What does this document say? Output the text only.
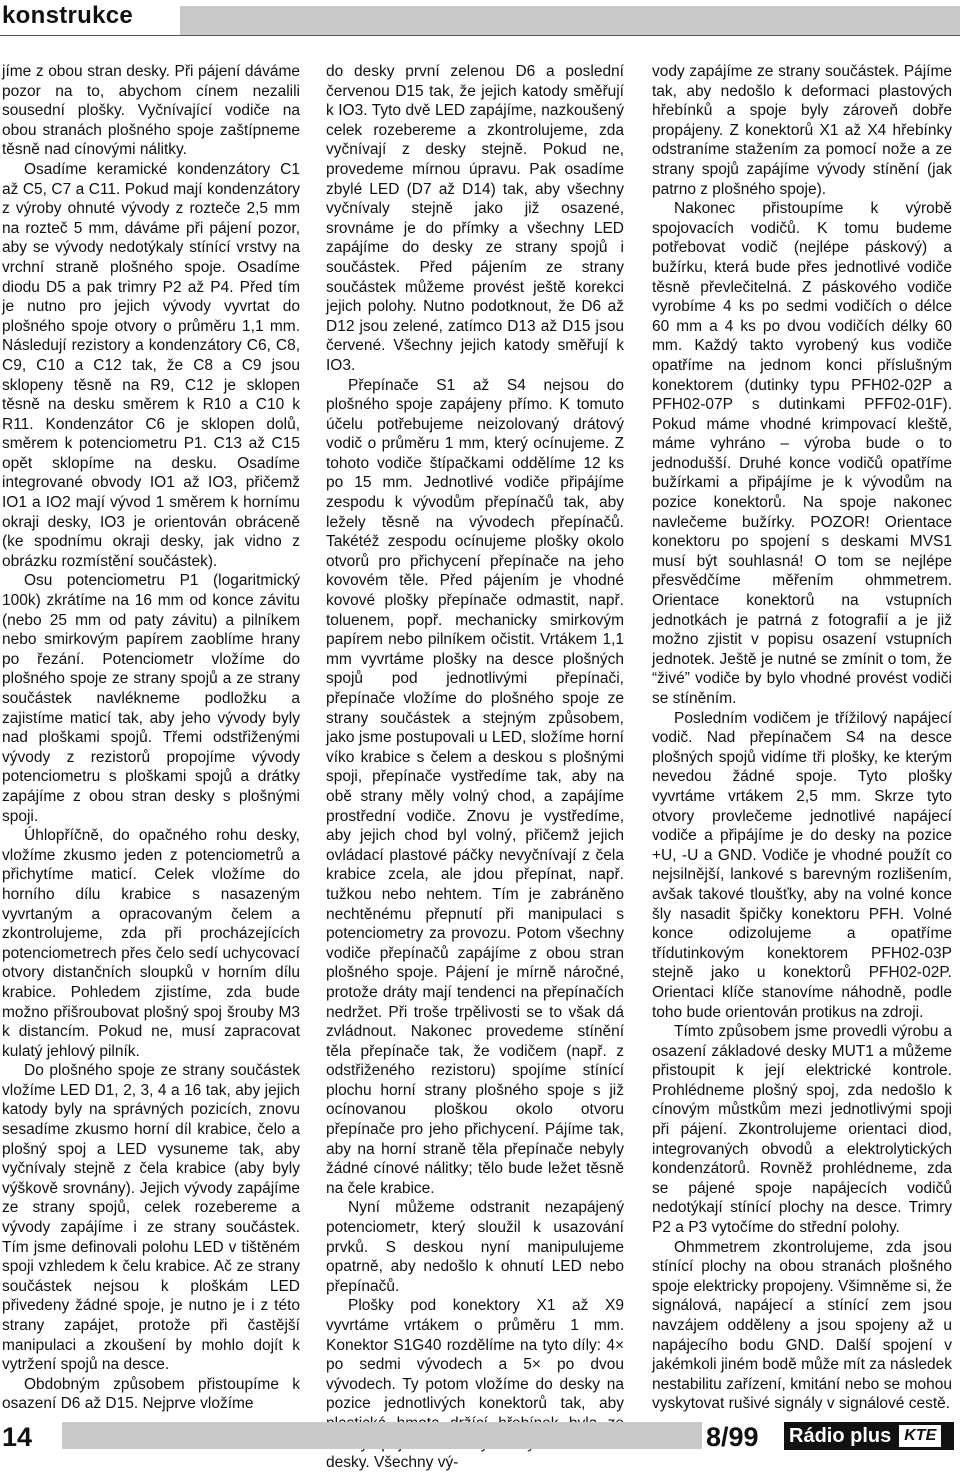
konstrukce

jíme z obou stran desky. Při pájení dáváme pozor na to, abychom cínem nezalili sousední plošky. Vyčnívající vodiče na obou stranách plošného spoje zaštípneme těsně nad cínovými nálitky.

Osadíme keramické kondenzátory C1 až C5, C7 a C11. Pokud mají kondenzátory z výroby ohnuté vývody z rozteče 2,5 mm na rozteč 5 mm, dáváme při pájení pozor, aby se vývody nedotýkaly stínící vrstvy na vrchní straně plošného spoje. Osadíme diodu D5 a pak trimry P2 až P4. Před tím je nutno pro jejich vývody vyvrtat do plošného spoje otvory o průměru 1,1 mm. Následují rezistory a kondenzátory C6, C8, C9, C10 a C12 tak, že C8 a C9 jsou sklopeny těsně na R9, C12 je sklopen těsně na desku směrem k R10 a C10 k R11. Kondenzátor C6 je sklopen dolů, směrem k potenciometru P1. C13 až C15 opět sklopíme na desku. Osadíme integrované obvody IO1 až IO3, přičemž IO1 a IO2 mají vývod 1 směrem k hornímu okraji desky, IO3 je orientován obráceně (ke spodnímu okraji desky, jak vidno z obrázku rozmístění součástek).

Osu potenciometru P1 (logaritmický 100k) zkrátíme na 16 mm od konce závitu (nebo 25 mm od paty závitu) a pilníkem nebo smirkovým papírem zaoblíme hrany po řezání. Potenciometr vložíme do plošného spoje ze strany spojů a ze strany součástek navlékneme podložku a zajistíme maticí tak, aby jeho vývody byly nad ploškami spojů. Třemi odstřiženými vývody z rezistorů propojíme vývody potenciometru s ploškami spojů a drátky zapájíme z obou stran desky s plošnými spoji.

Úhlopříčně, do opačného rohu desky, vložíme zkusmo jeden z potenciometrů a přichytíme maticí. Celek vložíme do horního dílu krabice s nasazeným vyvrtaným a opracovaným čelem a zkontrolujeme, zda při procházejících potenciometrech přes čelo sedí uchycovací otvory distančních sloupků v horním dílu krabice. Pohledem zjistíme, zda bude možno přišroubovat plošný spoj šrouby M3 k distancím. Pokud ne, musí zapracovat kulatý jehlový pilník.

Do plošného spoje ze strany součástek vložíme LED D1, 2, 3, 4 a 16 tak, aby jejich katody byly na správných pozicích, znovu sesadíme zkusmo horní díl krabice, čelo a plošný spoj a LED vysuneme tak, aby vyčnívaly stejně z čela krabice (aby byly výškově srovnány). Jejich vývody zapájíme ze strany spojů, celek rozebereme a vývody zapájíme i ze strany součástek. Tím jsme definovali polohu LED v tištěném spoji vzhledem k čelu krabice. Ač ze strany součástek nejsou k ploškám LED přivedeny žádné spoje, je nutno je i z této strany zapájet, protože při častější manipulaci a zkoušení by mohlo dojít k vytržení spojů na desce.

Obdobným způsobem přistoupíme k osazení D6 až D15. Nejprve vložíme

do desky první zelenou D6 a poslední červenou D15 tak, že jejich katody směřují k IO3. Tyto dvě LED zapájíme, nazkoušený celek rozebereme a zkontrolujeme, zda vyčnívají z desky stejně. Pokud ne, provedeme mírnou úpravu. Pak osadíme zbylé LED (D7 až D14) tak, aby všechny vyčnívaly stejně jako již osazené, srovnáme je do přímky a všechny LED zapájíme do desky ze strany spojů i součástek. Před pájením ze strany součástek můžeme provést ještě korekci jejich polohy. Nutno podotknout, že D6 až D12 jsou zelené, zatímco D13 až D15 jsou červené. Všechny jejich katody směřují k IO3.

Přepínače S1 až S4 nejsou do plošného spoje zapájeny přímo. K tomuto účelu potřebujeme neizolovaný drátový vodič o průměru 1 mm, který ocínujeme. Z tohoto vodiče štípačkami oddělíme 12 ks po 15 mm. Jednotlivé vodiče připájíme zespodu k vývodům přepínačů tak, aby ležely těsně na vývodech přepínačů. Takétéž zespodu ocínujeme plošky okolo otvorů pro přichycení přepínače na jeho kovovém těle. Před pájením je vhodné kovové plošky přepínače odmastit, např. toluenem, popř. mechanicky smirkovým papírem nebo pilníkem očistit. Vrtákem 1,1 mm vyvrtáme plošky na desce plošných spojů pod jednotlivými přepínači, přepínače vložíme do plošného spoje ze strany součástek a stejným způsobem, jako jsme postupovali u LED, složíme horní víko krabice s čelem a deskou s plošnými spoji, přepínače vystředíme tak, aby na obě strany měly volný chod, a zapájíme prostřední vodiče. Znovu je vystředíme, aby jejich chod byl volný, přičemž jejich ovládací plastové páčky nevyčnívají z čela krabice zcela, ale jdou přepínat, např. tužkou nebo nehtem. Tím je zabráněno nechtěnému přepnutí při manipulaci s potenciometry za provozu. Potom všechny vodiče přepínačů zapájíme z obou stran plošného spoje. Pájení je mírně náročné, protože dráty mají tendenci na přepínačích nedržet. Při troše trpělivosti se to však dá zvládnout. Nakonec provedeme stínění těla přepínače tak, že vodičem (např. z odstřiženého rezistoru) spojíme stínící plochu horní strany plošného spoje s již ocínovanou ploškou okolo otvoru přepínače pro jeho přichycení. Pájíme tak, aby na horní straně těla přepínače nebyly žádné cínové nálitky; tělo bude ležet těsně na čele krabice.

Nyní můžeme odstranit nezapájený potenciometr, který sloužil k usazování prvků. S deskou nyní manipulujeme opatrně, aby nedošlo k ohnutí LED nebo přepínačů.

Plošky pod konektory X1 až X9 vyvrtáme vrtákem o průměru 1 mm. Konektor S1G40 rozdělíme na tyto díly: 4× po sedmi vývodech a 5× po dvou vývodech. Ty potom vložíme do desky na pozice jednotlivých konektorů tak, aby desky. Všechny vý-

vody zapájíme ze strany součástek. Pájíme tak, aby nedošlo k deformaci plastových hřebínků a spoje byly zároveň dobře propájeny. Z konektorů X1 až X4 hřebínky odstraníme stažením za pomocí nože a ze strany spojů zapájíme vývody stínění (jak patrno z plošného spoje).

Nakonec přistoupíme k výrobě spojovacích vodičů. K tomu budeme potřebovat vodič (nejlépe páskový) a bužírku, která bude přes jednotlivé vodiče těsně převlečitelná. Z páskového vodiče vyrobíme 4 ks po sedmi vodičích o délce 60 mm a 4 ks po dvou vodičích délky 60 mm. Každý takto vyrobený kus vodiče opatříme na jednom konci příslušným konektorem (dutinky typu PFH02-02P a PFH02-07P s dutinkami PFF02-01F). Pokud máme vhodné krimpovací kleště, máme vyhráno – výroba bude o to jednodušší. Druhé konce vodičů opatříme bužírkami a připájíme je k vývodům na pozice konektorů. Na spoje nakonec navlečeme bužírky. POZOR! Orientace konektoru po spojení s deskami MVS1 musí být souhlasná! O tom se nejlépe přesvědčíme měřením ohmmetrem. Orientace konektorů na vstupních jednotkách je patrná z fotografií a je již možno zjistit v popisu osazení vstupních jednotek. Ještě je nutné se zmínit o tom, že “živé” vodiče by bylo vhodné provést vodiči se stíněním.

Posledním vodičem je třížilový napájecí vodič. Nad přepínačem S4 na desce plošných spojů vidíme tři plošky, ke kterým nevedou žádné spoje. Tyto plošky vyvrtáme vrtákem 2,5 mm. Skrze tyto otvory provlečeme jednotlivé napájecí vodiče a připájíme je do desky na pozice +U, -U a GND. Vodiče je vhodné použít co nejsilnější, lankové s barevným rozlišením, avšak takové tloušťky, aby na volné konce šly nasadit špičky konektoru PFH. Volné konce odizolujeme a opatříme třídutinkovým konektorem PFH02-03P stejně jako u konektorů PFH02-02P. Orientaci klíče stanovíme náhodně, podle toho bude orientován protikus na zdroji.

Tímto způsobem jsme provedli výrobu a osazení základové desky MUT1 a můžeme přistoupit k její elektrické kontrole. Prohlédneme plošný spoj, zda nedošlo k cínovým můstkům mezi jednotlivými spoji při pájení. Zkontrolujeme orientaci diod, integrovaných obvodů a elektrolytických kondenzátorů. Rovněž prohlédneme, zda se pájené spoje napájecích vodičů nedotýkají stínící plochy na desce. Trimry P2 a P3 vytočíme do střední polohy.

Ohmmetrem zkontrolujeme, zda jsou stínící plochy na obou stranách plošného spoje elektricky propojeny. Všimněme si, že signálová, napájecí a stínící zem jsou navzájem odděleny a jsou spojeny až u napájecího bodu GND. Další spojení v jakémkoli jiném bodě může mít za následek nestabilitu zařízení, kmitání nebo se mohou vyskytovat rušivé signály v signálové cestě.

14	8/99 Rádio plus KTE
